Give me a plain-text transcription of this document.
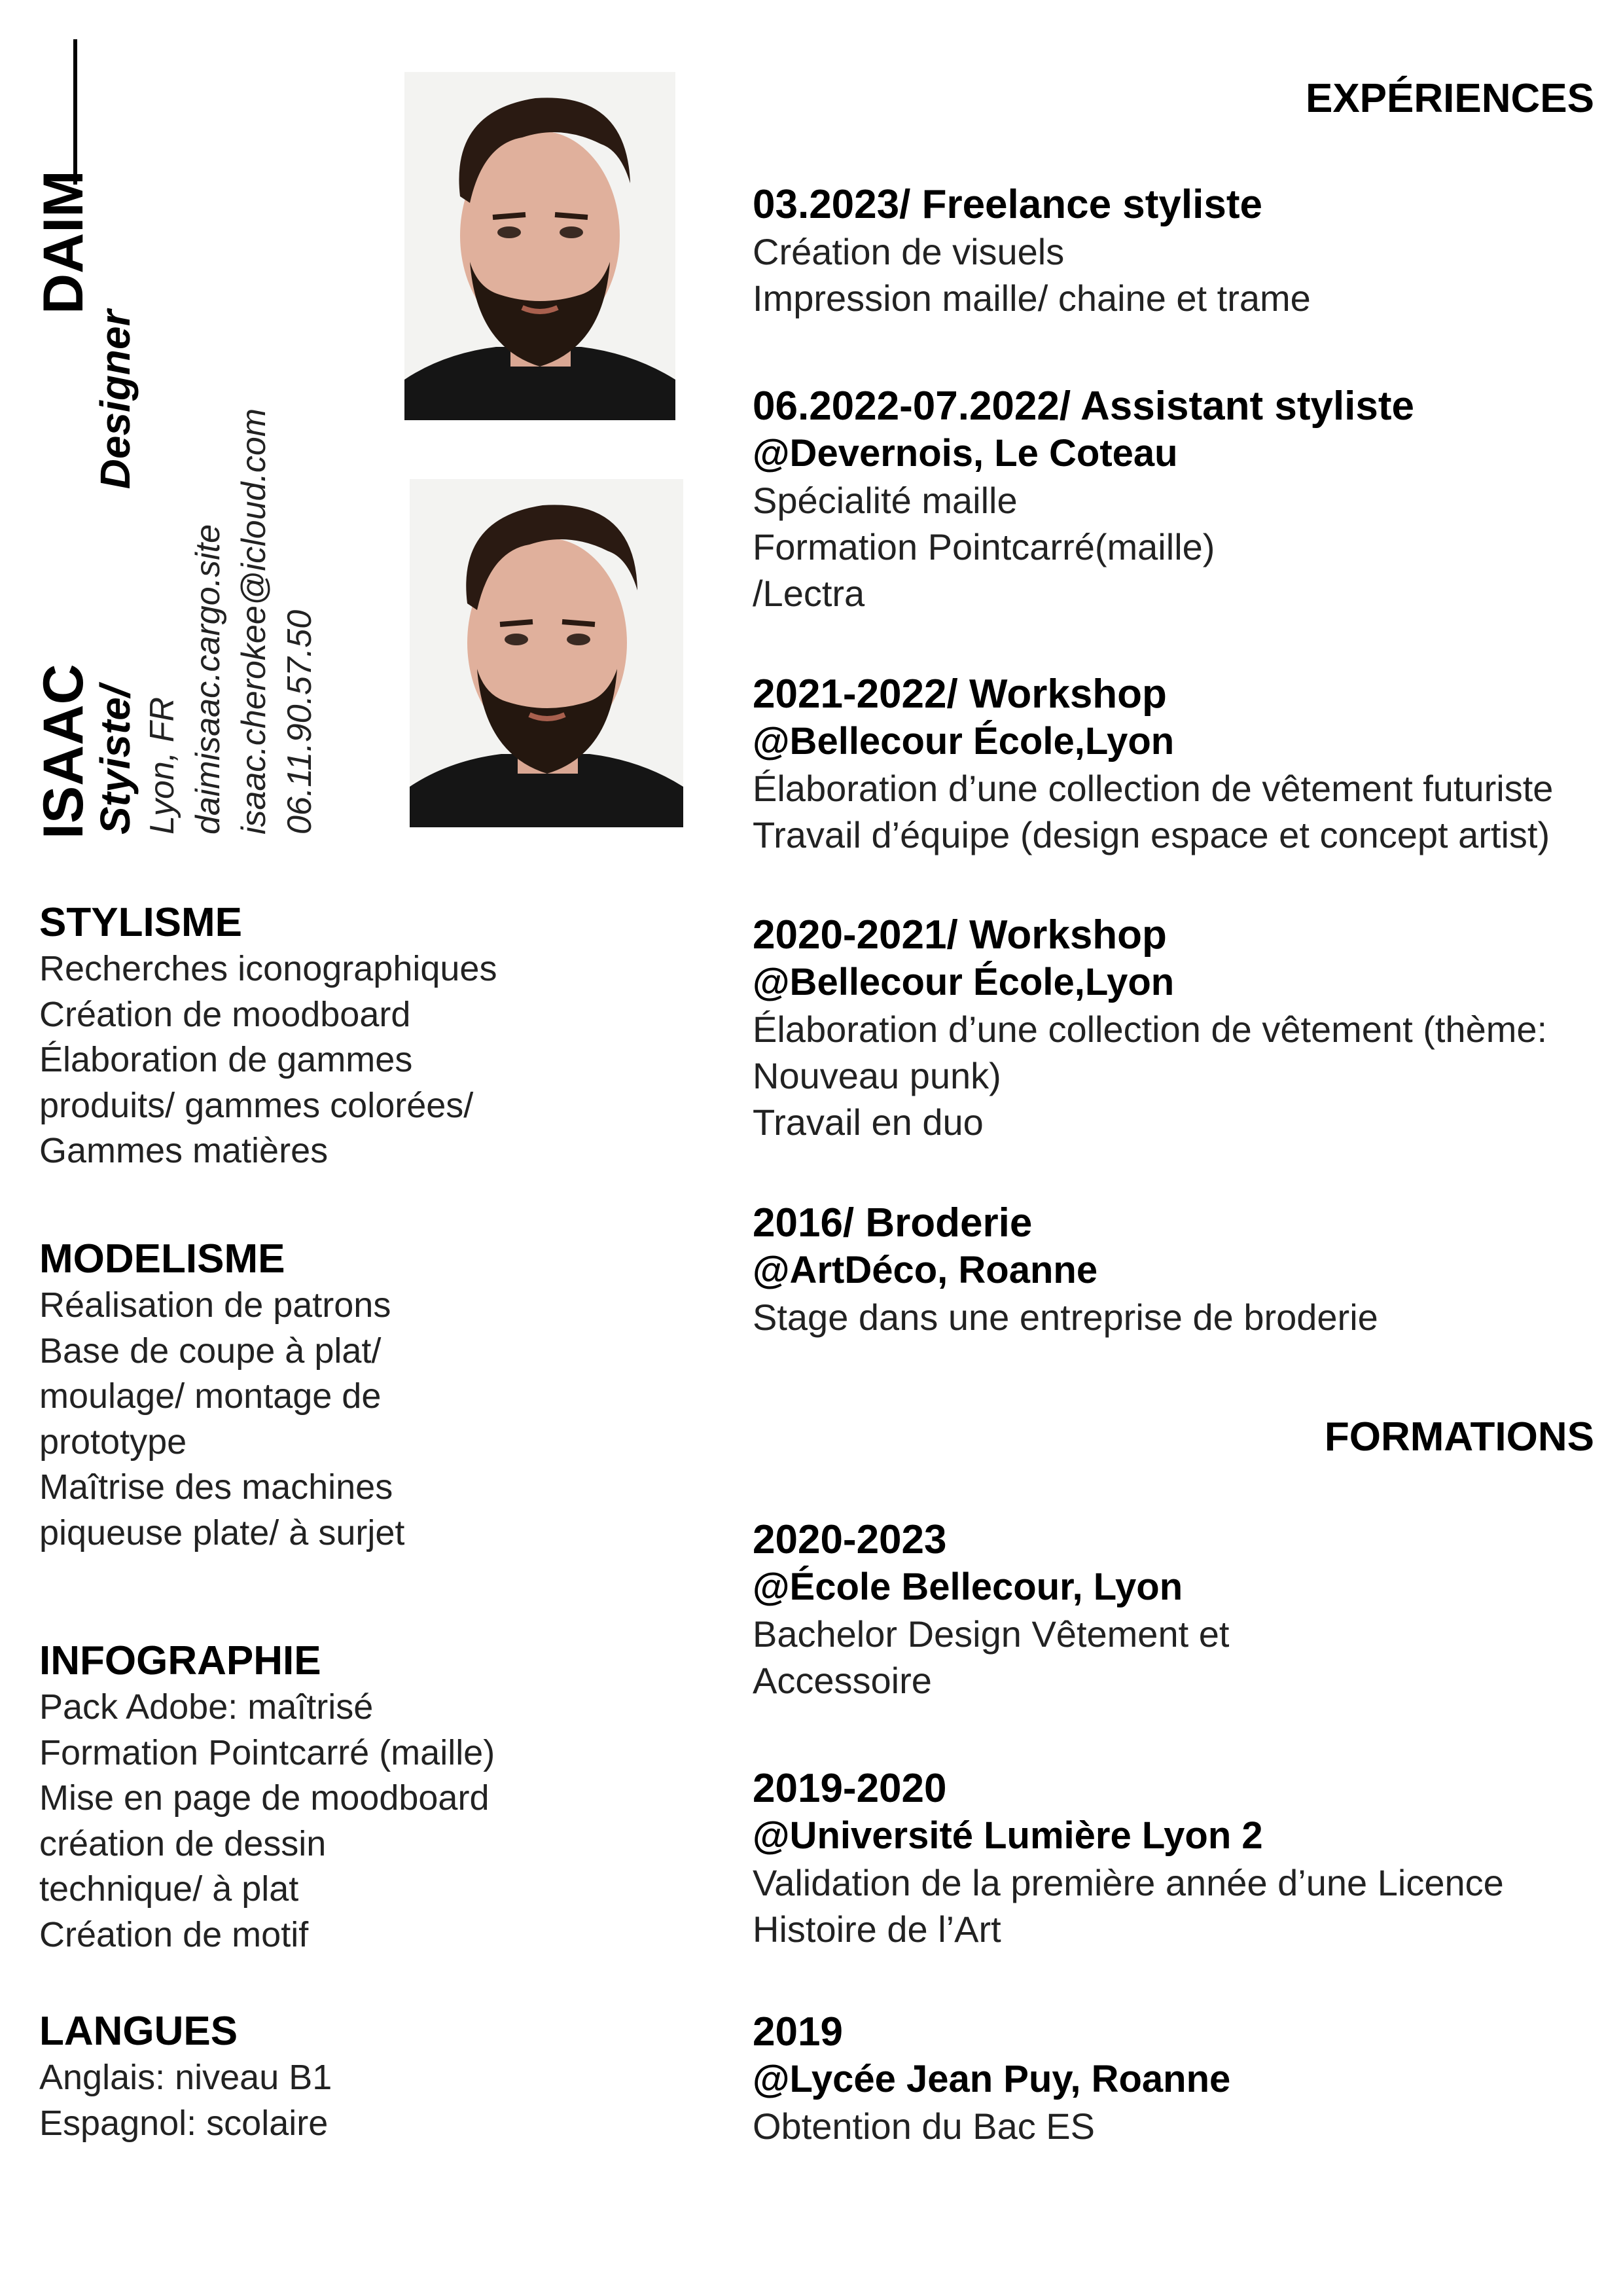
DAIM
ISAAC
Styiste/Designer
Lyon, FR daimisaac.cargo.site isaac.cherokee@icloud.com 06.11.90.57.50
STYLISME
Recherches iconographiques
Création de moodboard
Élaboration de gammes
produits/ gammes colorées/
Gammes matières
MODELISME
Réalisation de patrons
Base de coupe à plat/
moulage/ montage de
prototype
Maîtrise des machines
piqueuse plate/ à surjet
INFOGRAPHIE
Pack Adobe: maîtrisé
Formation Pointcarré (maille)
Mise en page de moodboard
création de dessin
technique/ à plat
Création de motif
LANGUES
Anglais: niveau B1
Espagnol: scolaire
EXPÉRIENCES
03.2023/ Freelance styliste
Création de visuels
Impression maille/ chaine et trame
06.2022-07.2022/ Assistant styliste
@Devernois, Le Coteau
Spécialité maille
Formation Pointcarré(maille)
/Lectra
2021-2022/ Workshop
@Bellecour École,Lyon
Élaboration d’une collection de vêtement futuriste
Travail d’équipe (design espace et concept artist)
2020-2021/ Workshop
@Bellecour École,Lyon
Élaboration d’une collection de vêtement (thème:
Nouveau punk)
Travail en duo
2016/ Broderie
@ArtDéco, Roanne
Stage dans une entreprise de broderie
FORMATIONS
2020-2023
@École Bellecour, Lyon
Bachelor Design Vêtement et
Accessoire
2019-2020
@Université Lumière Lyon 2
Validation de la première année d’une Licence
Histoire de l’Art
2019
@Lycée Jean Puy, Roanne
Obtention du Bac ES
